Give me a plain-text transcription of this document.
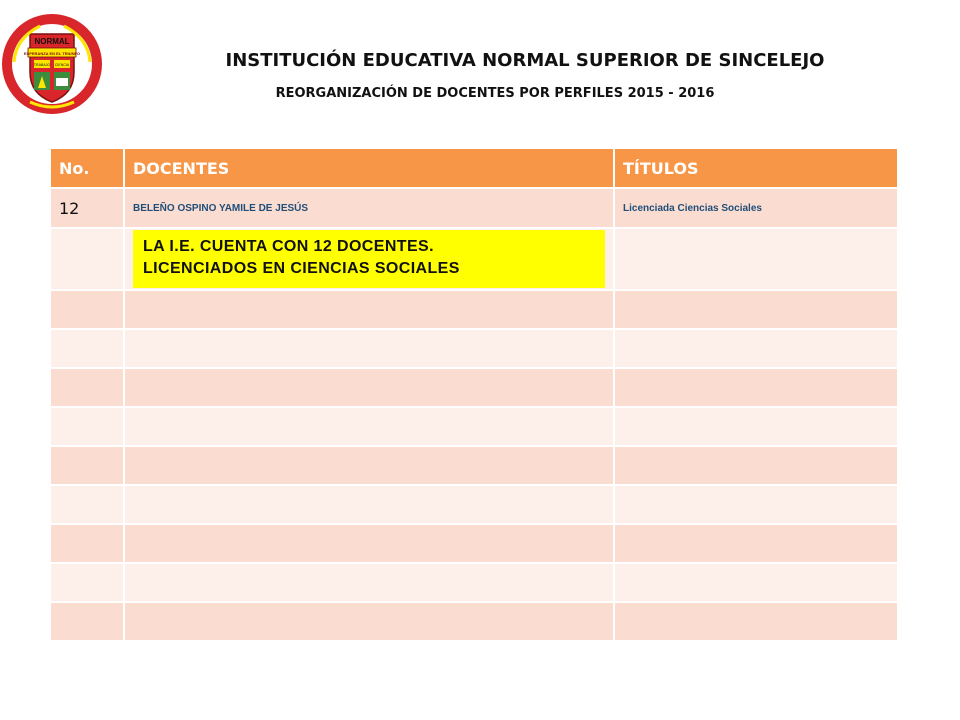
NORMAL
ESPERANZA EN EL TRIUNFO
TRABAJO CIENCIA	INSTITUCIÓN EDUCATIVA NORMAL SUPERIOR DE SINCELEJO
REORGANIZACIÓN DE DOCENTES POR PERFILES 2015 - 2016
No.	DOCENTES	TÍTULOS
12	BELEÑO OSPINO YAMILE DE JESÚS	Licenciada Ciencias Sociales

	LA I.E. CUENTA CON 12 DOCENTES.
LICENCIADOS EN CIENCIAS SOCIALES	
